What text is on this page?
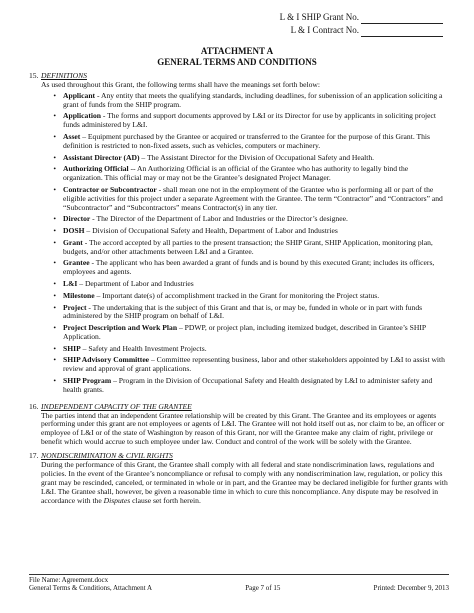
L & I SHIP Grant No.
L & I Contract No.
ATTACHMENT A
GENERAL TERMS AND CONDITIONS
15. DEFINITIONS

As used throughout this Grant, the following terms shall have the meanings set forth below:

•
Applicant - Any entity that meets the qualifying standards, including deadlines, for subenission of an application soliciting a grant of funds from the SHIP program.
•
Application - The forms and support documents approved by L&I or its Director for use by applicants in soliciting project funds administered by L&I.
•
Asset – Equipment purchased by the Grantee or acquired or transferred to the Grantee for the purpose of this Grant. This definition is restricted to non-fixed assets, such as vehicles, computers or machinery.
•
Assistant Director (AD) – The Assistant Director for the Division of Occupational Safety and Health.
•
Authorizing Official -- An Authorizing Official is an official of the Grantee who has authority to legally bind the organization. This official may or may not be the Grantee’s designated Project Manager.
•
Contractor or Subcontractor - shall mean one not in the employment of the Grantee who is performing all or part of the eligible activities for this project under a separate Agreement with the Grantee. The term “Contractor” and “Contractors” and “Subcontractor” and “Subcontractors” means Contractor(s) in any tier.
•
Director - The Director of the Department of Labor and Industries or the Director’s designee.
•
DOSH – Division of Occupational Safety and Health, Department of Labor and Industries
•
Grant - The accord accepted by all parties to the present transaction; the SHIP Grant, SHIP Application, monitoring plan, budgets, and/or other attachments between L&I and a Grantee.
•
Grantee - The applicant who has been awarded a grant of funds and is bound by this executed Grant; includes its officers, employees and agents.
•
L&I – Department of Labor and Industries
•
Milestone – Important date(s) of accomplishment tracked in the Grant for monitoring the Project status.
•
Project - The undertaking that is the subject of this Grant and that is, or may be, funded in whole or in part with funds administered by the SHIP program on behalf of L&I.
•
Project Description and Work Plan – PDWP, or project plan, including itemized budget, described in Grantee’s SHIP Application.
•
SHIP – Safety and Health Investment Projects.
•
SHIP Advisory Committee – Committee representing business, labor and other stakeholders appointed by L&I to assist with review and approval of grant applications.
•
SHIP Program – Program in the Division of Occupational Safety and Health designated by L&I to administer safety and health grants.
16. INDEPENDENT CAPACITY OF THE GRANTEE

The parties intend that an independent Grantee relationship will be created by this Grant. The Grantee and its employees or agents performing under this grant are not employees or agents of L&I. The Grantee will not hold itself out as, nor claim to be, an officer or employee of L&I or of the state of Washington by reason of this Grant, nor will the Grantee make any claim of right, privilege or benefit which would accrue to such employee under law. Conduct and control of the work will be solely with the Grantee.

17. NONDISCRIMINATION & CIVIL RIGHTS

During the performance of this Grant, the Grantee shall comply with all federal and state nondiscrimination laws, regulations and policies. In the event of the Grantee’s noncompliance or refusal to comply with any nondiscrimination law, regulation, or policy this grant may be rescinded, canceled, or terminated in whole or in part, and the Grantee may be declared ineligible for further grants with L&I. The Grantee shall, however, be given a reasonable time in which to cure this noncompliance. Any dispute may be resolved in accordance with the Disputes clause set forth herein.

File Name: Agreement.docx
General Terms & Conditions, Attachment A	Page 7 of 15	Printed: December 9, 2013
